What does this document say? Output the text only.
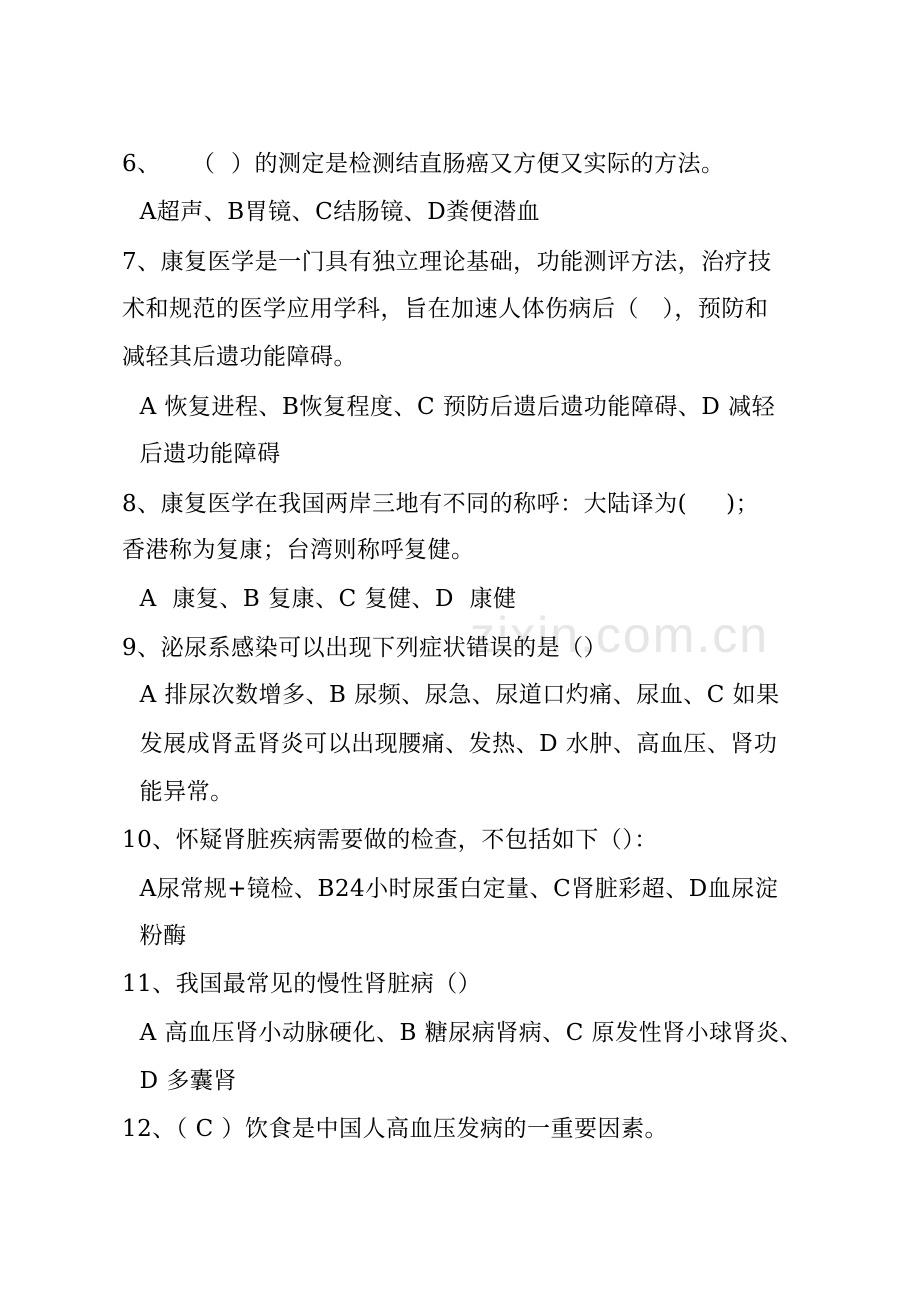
zixin.com.cn
6、    （  ）的测定是检测结直肠癌又方便又实际的方法。
A超声、B胃镜、C结肠镜、D粪便潜血
7、康复医学是一门具有独立理论基础，功能测评方法，治疗技
术和规范的医学应用学科，旨在加速人体伤病后（   ），预防和
减轻其后遗功能障碍。
A 恢复进程、B恢复程度、C 预防后遗后遗功能障碍、D 减轻
后遗功能障碍
8、康复医学在我国两岸三地有不同的称呼：大陆译为(     )；
香港称为复康；台湾则称呼复健。
A  康复、B 复康、C 复健、D  康健
9、泌尿系感染可以出现下列症状错误的是（）
A 排尿次数增多、B 尿频、尿急、尿道口灼痛、尿血、C 如果
发展成肾盂肾炎可以出现腰痛、发热、D 水肿、高血压、肾功
能异常。
10、怀疑肾脏疾病需要做的检查，不包括如下（）：
A尿常规+镜检、B24小时尿蛋白定量、C肾脏彩超、D血尿淀
粉酶
11、我国最常见的慢性肾脏病（）
A 高血压肾小动脉硬化、B 糖尿病肾病、C 原发性肾小球肾炎、
D 多囊肾
12、（ C ）饮食是中国人高血压发病的一重要因素。
